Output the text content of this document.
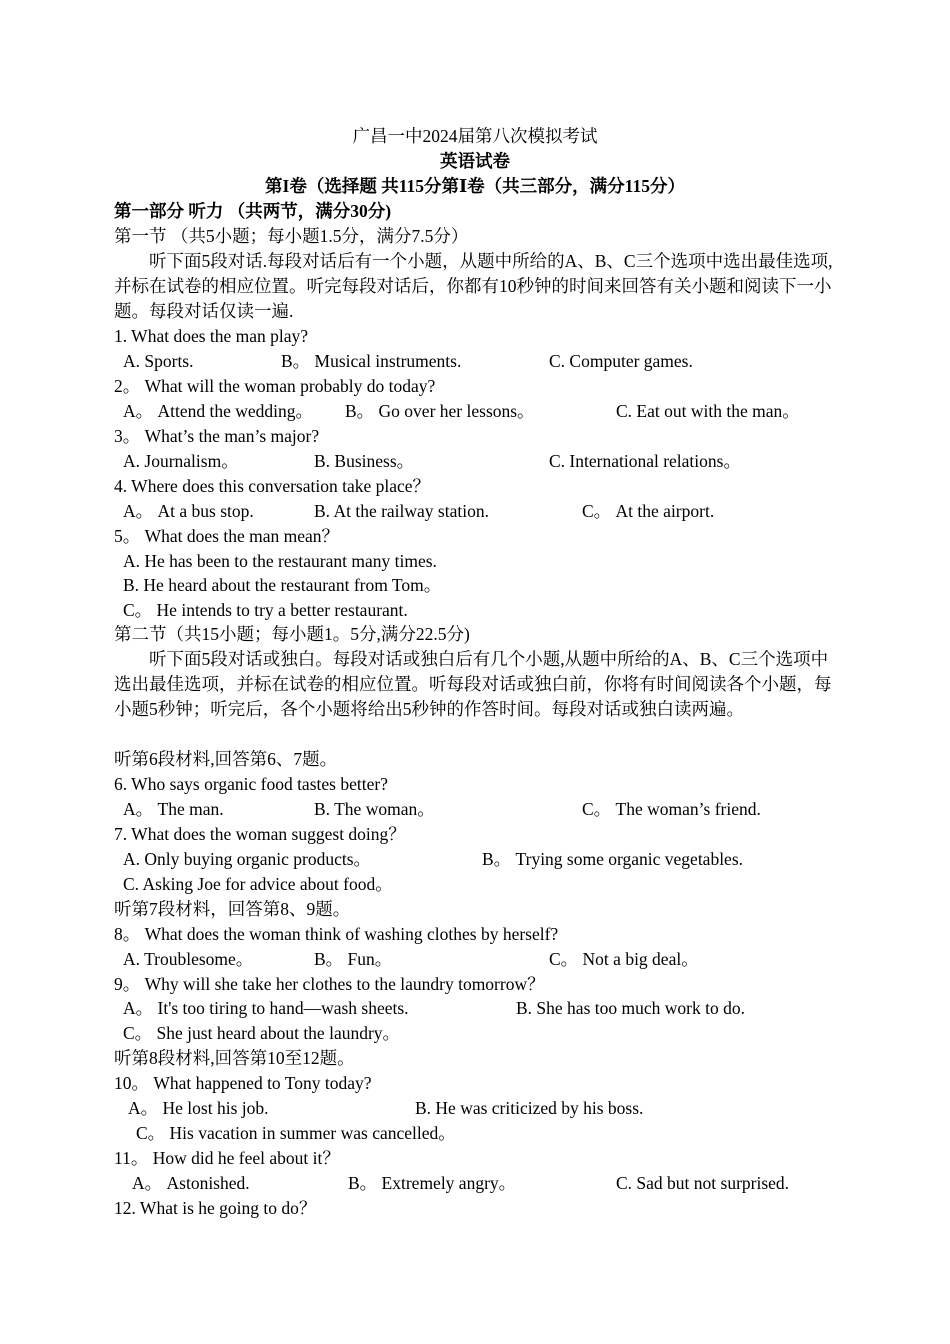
广昌一中2024届第八次模拟考试
英语试卷
第I卷（选择题 共115分第Ⅰ卷（共三部分，满分115分）
第一部分 听力 （共两节，满分30分)
第一节 （共5小题；每小题1.5分，满分7.5分）
听下面5段对话.每段对话后有一个小题，从题中所给的A、B、C三个选项中选出最佳选项,并标在试卷的相应位置。听完每段对话后，你都有10秒钟的时间来回答有关小题和阅读下一小题。每段对话仅读一遍.
1. What does the man play?
A. Sports.	B。 Musical instruments.	C. Computer games.
2。 What will the woman probably do today?
A。 Attend the wedding。 B。 Go over her lessons。	C. Eat out with the man。
3。 What’s the man’s major?
A. Journalism。	B. Business。	C. International relations。
4. Where does this conversation take place？
A。 At a bus stop.	B. At the railway station.	C。 At the airport.
5。 What does the man mean？
A. He has been to the restaurant many times.
B. He heard about the restaurant from Tom。
C。 He intends to try a better restaurant.
第二节（共15小题；每小题1。5分,满分22.5分)
听下面5段对话或独白。每段对话或独白后有几个小题,从题中所给的A、B、C三个选项中选出最佳选项，并标在试卷的相应位置。听每段对话或独白前，你将有时间阅读各个小题，每小题5秒钟；听完后，各个小题将给出5秒钟的作答时间。每段对话或独白读两遍。
听第6段材料,回答第6、7题。
6. Who says organic food tastes better?
A。 The man.	B. The woman。	C。 The woman’s friend.
7. What does the woman suggest doing？
A. Only buying organic products。	B。 Trying some organic vegetables.
C. Asking Joe for advice about food。
听第7段材料，回答第8、9题。
8。 What does the woman think of washing clothes by herself?
A. Troublesome。	B。 Fun。	C。 Not a big deal。
9。 Why will she take her clothes to the laundry tomorrow？
A。 It's too tiring to hand—wash sheets.	B. She has too much work to do.
C。 She just heard about the laundry。
听第8段材料,回答第10至12题。
10。 What happened to Tony today?
A。 He lost his job.	B. He was criticized by his boss.
C。 His vacation in summer was cancelled。
11。 How did he feel about it？
A。 Astonished.	B。 Extremely angry。	C. Sad but not surprised.
12. What is he going to do？
